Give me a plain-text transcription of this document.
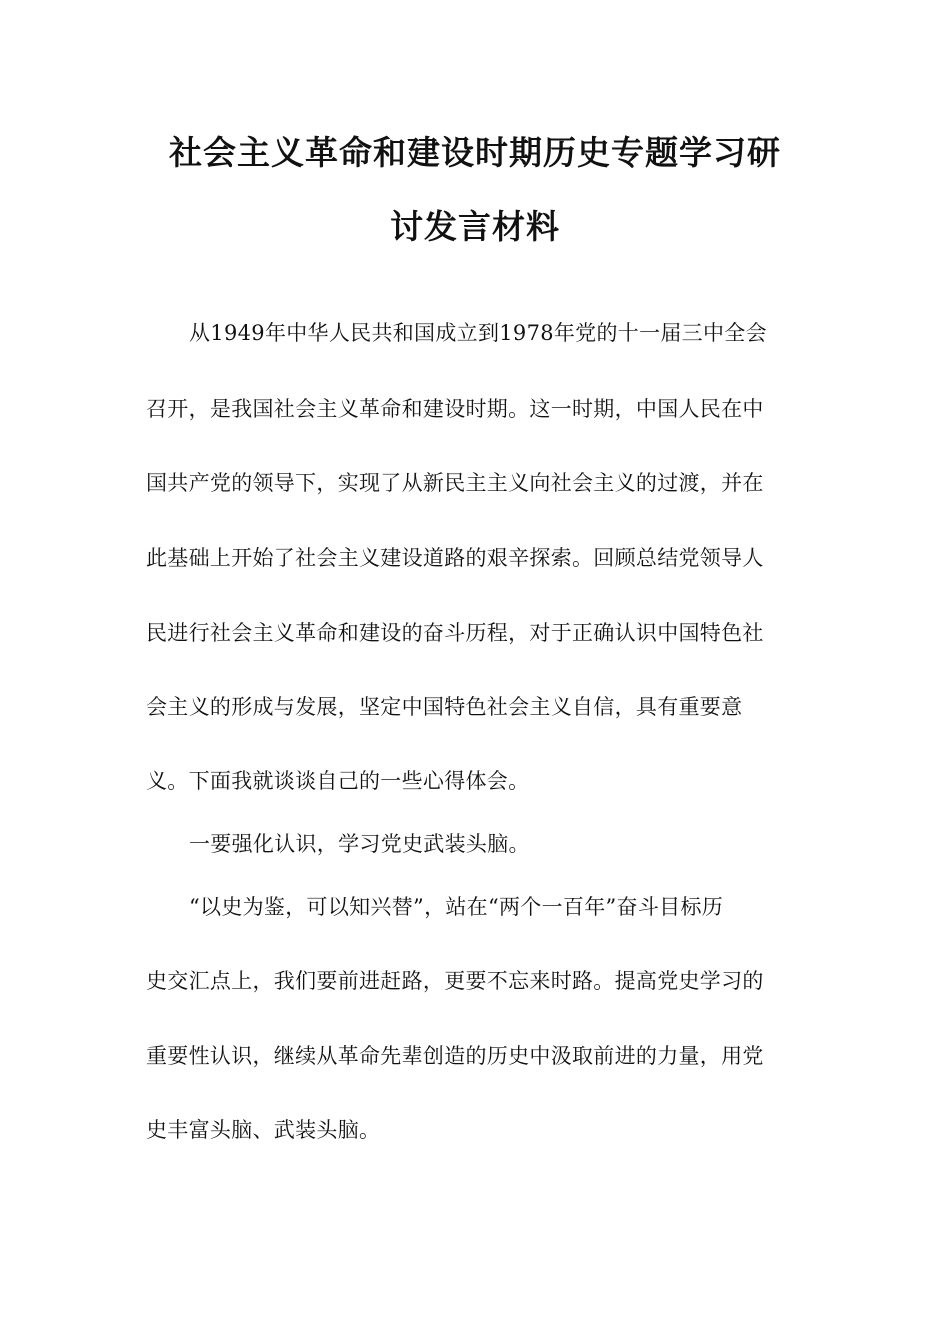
社会主义革命和建设时期历史专题学习研
讨发言材料
从1949年中华人民共和国成立到1978年党的十一届三中全会
召开，是我国社会主义革命和建设时期。这一时期，中国人民在中
国共产党的领导下，实现了从新民主主义向社会主义的过渡，并在
此基础上开始了社会主义建设道路的艰辛探索。回顾总结党领导人
民进行社会主义革命和建设的奋斗历程，对于正确认识中国特色社
会主义的形成与发展，坚定中国特色社会主义自信，具有重要意
义。下面我就谈谈自己的一些心得体会。
一要强化认识，学习党史武装头脑。
“以史为鉴，可以知兴替”，站在“两个一百年”奋斗目标历
史交汇点上，我们要前进赶路，更要不忘来时路。提高党史学习的
重要性认识，继续从革命先辈创造的历史中汲取前进的力量，用党
史丰富头脑、武装头脑。
